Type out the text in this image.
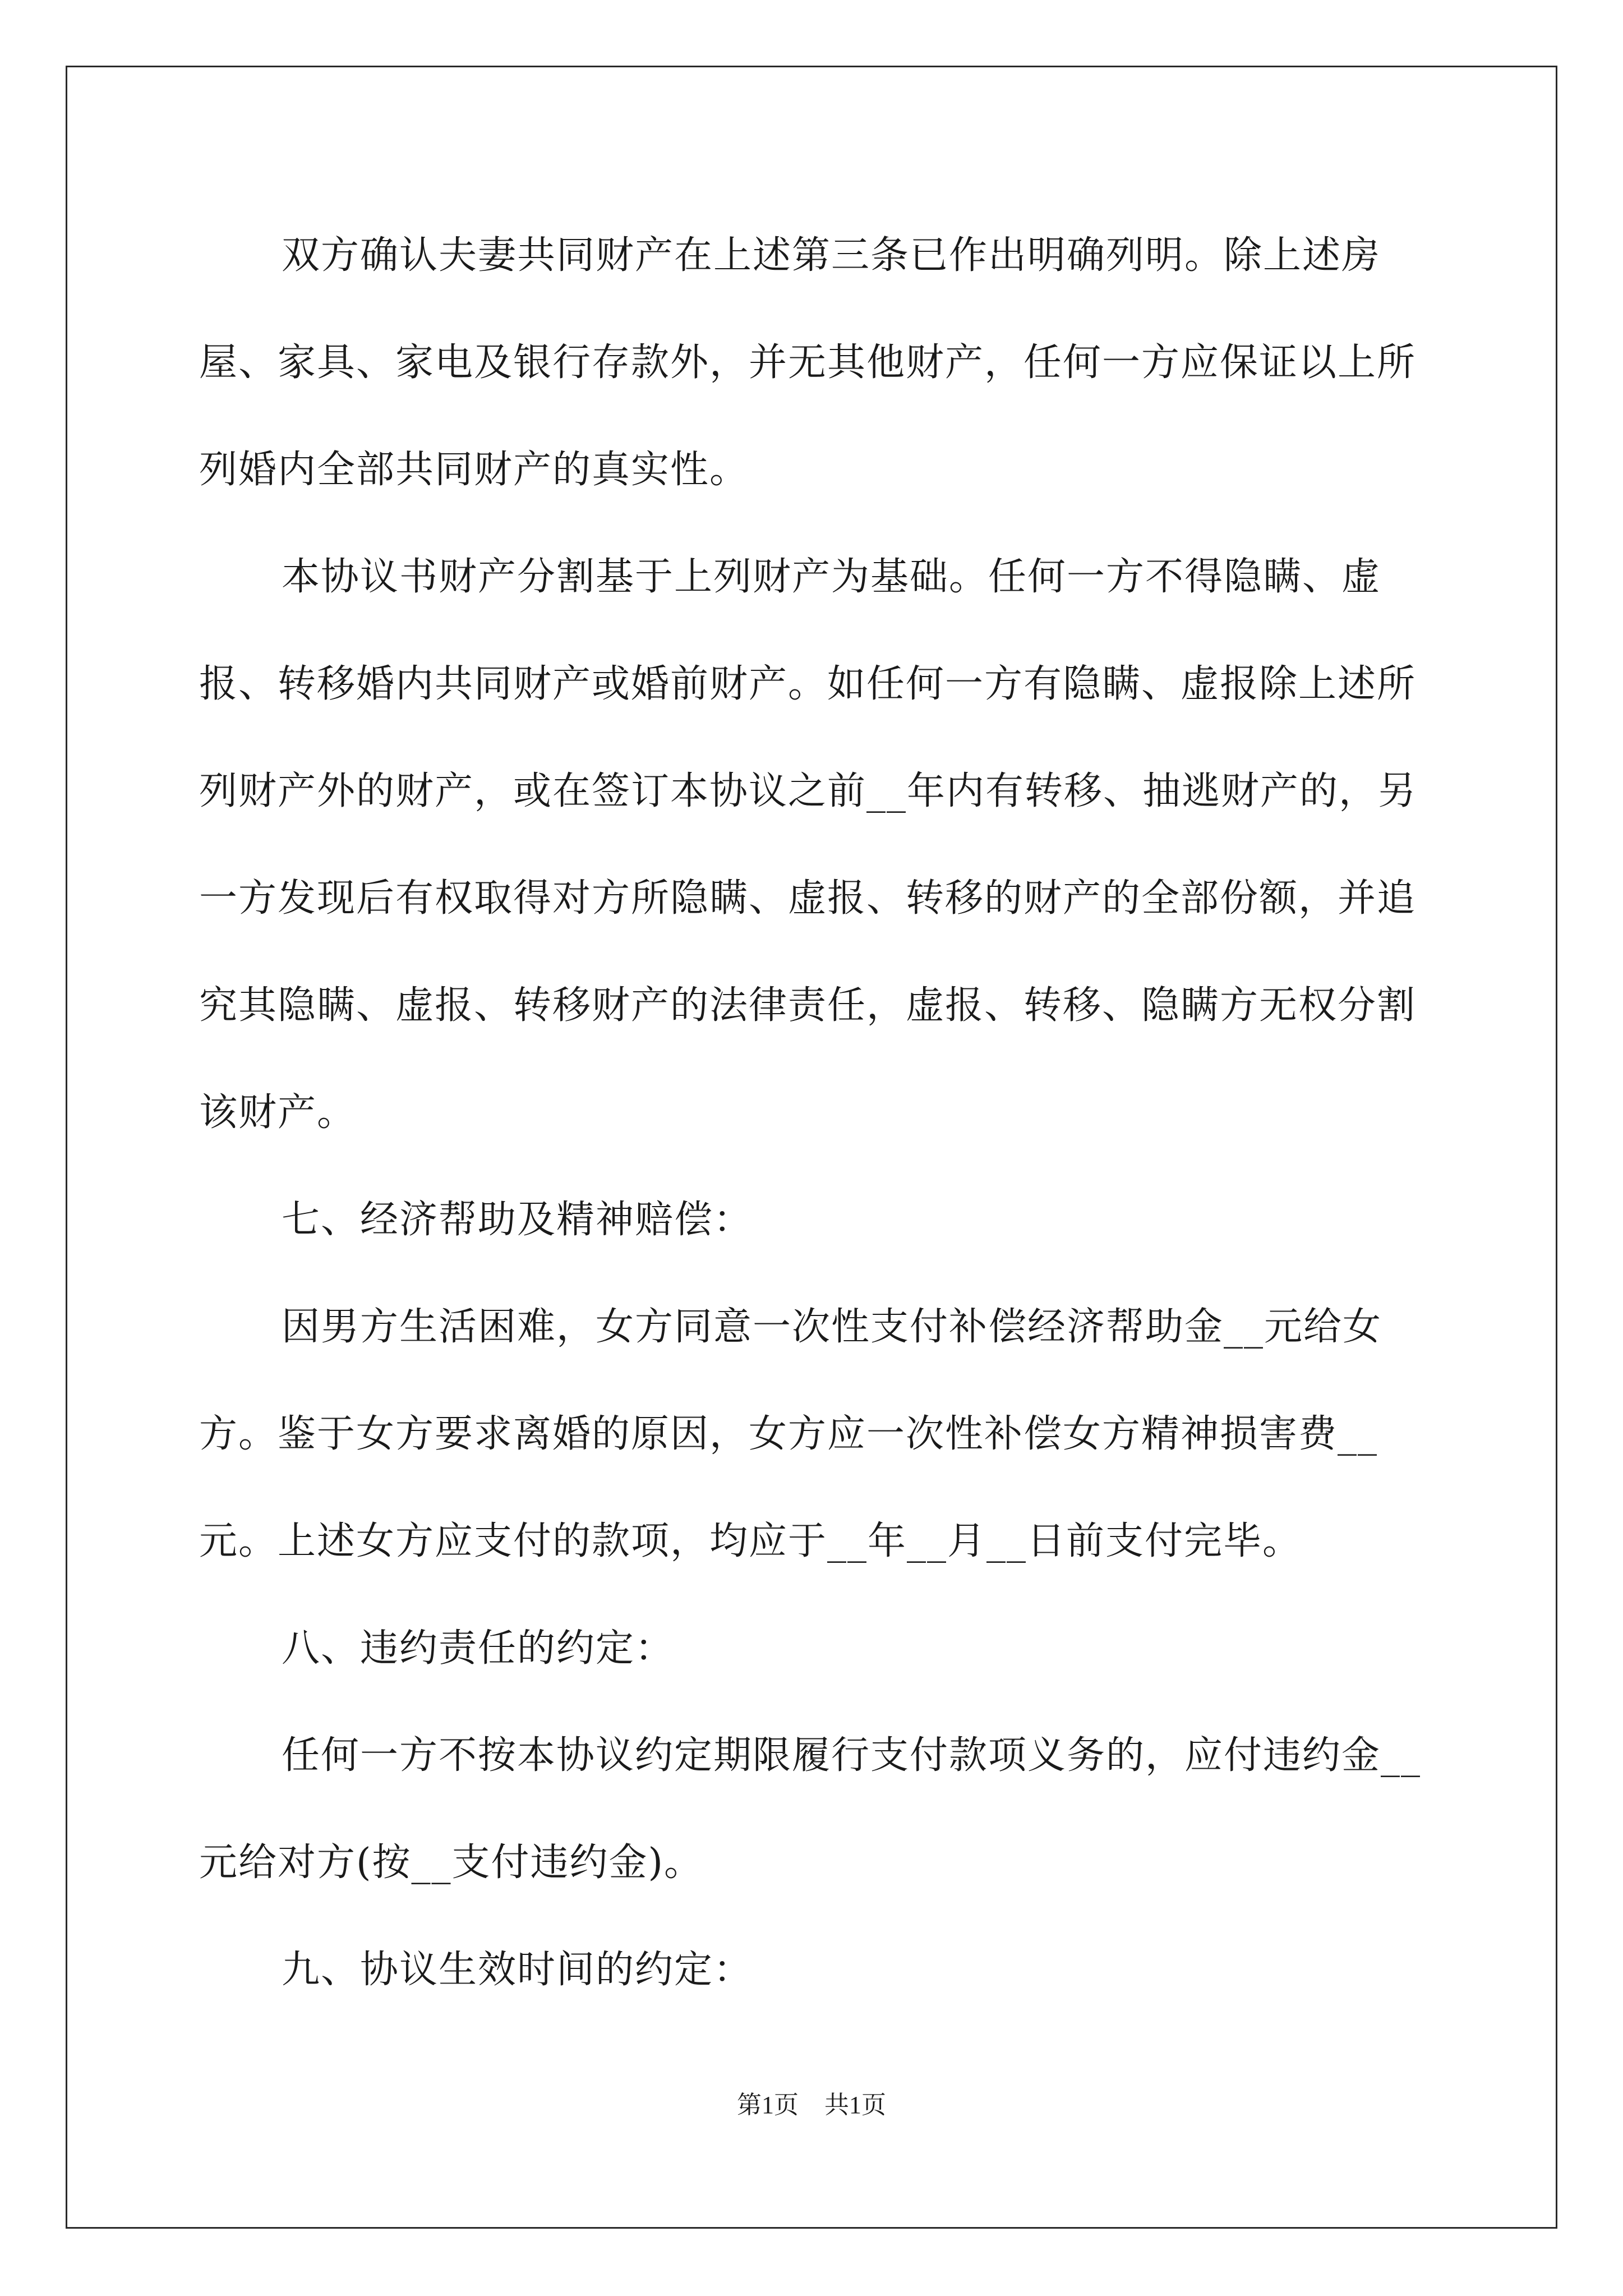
双方确认夫妻共同财产在上述第三条已作出明确列明。除上述房屋、家具、家电及银行存款外，并无其他财产，任何一方应保证以上所列婚内全部共同财产的真实性。

本协议书财产分割基于上列财产为基础。任何一方不得隐瞒、虚报、转移婚内共同财产或婚前财产。如任何一方有隐瞒、虚报除上述所列财产外的财产，或在签订本协议之前__年内有转移、抽逃财产的，另一方发现后有权取得对方所隐瞒、虚报、转移的财产的全部份额，并追究其隐瞒、虚报、转移财产的法律责任，虚报、转移、隐瞒方无权分割该财产。

七、经济帮助及精神赔偿：

因男方生活困难，女方同意一次性支付补偿经济帮助金__元给女方。鉴于女方要求离婚的原因，女方应一次性补偿女方精神损害费__元。上述女方应支付的款项，均应于__年__月__日前支付完毕。

八、违约责任的约定：

任何一方不按本协议约定期限履行支付款项义务的，应付违约金__元给对方(按__支付违约金)。

九、协议生效时间的约定：

第1页 共1页
